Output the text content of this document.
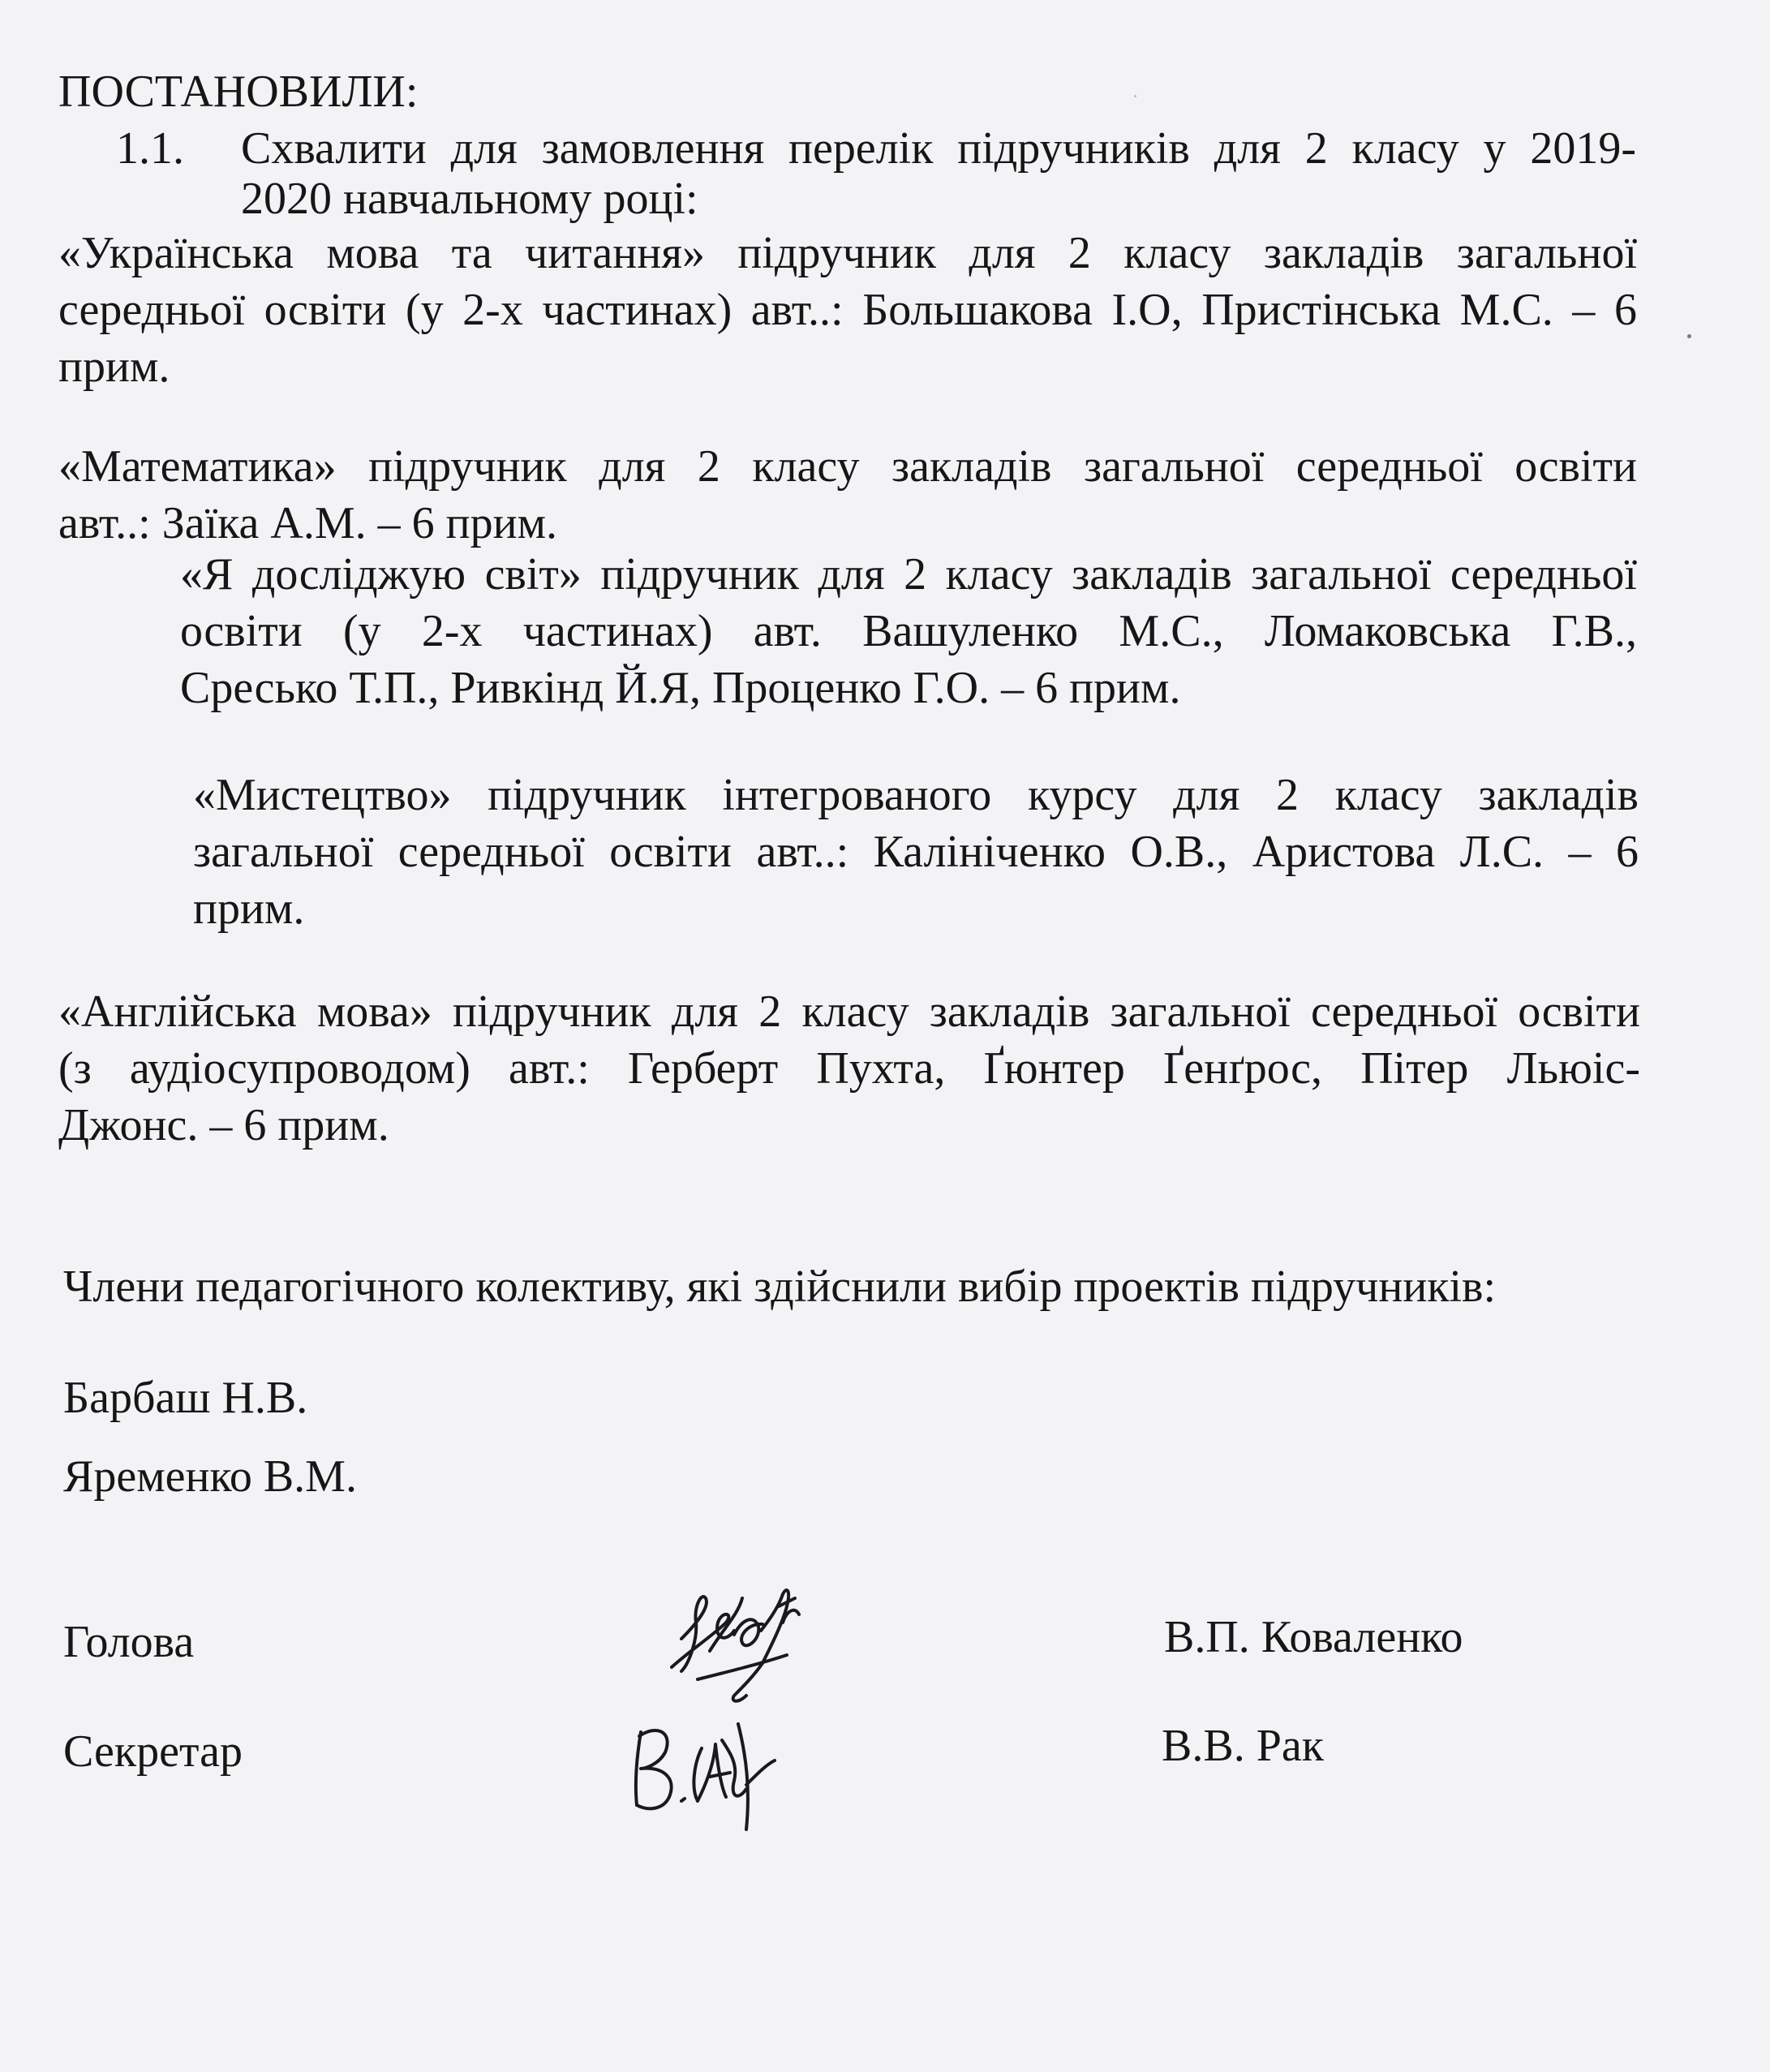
ПОСТАНОВИЛИ:
1.1. Схвалити для замовлення перелік підручників для 2 класу у 2019-
2020 навчальному році:
«Українська мова та читання» підручник для 2 класу закладів загальної
середньої освіти (у 2-х частинах) авт..: Большакова І.О, Пристінська М.С. – 6
прим.
«Математика» підручник для 2 класу закладів загальної середньої освіти
авт..: Заїка А.М. – 6 прим.
«Я досліджую світ» підручник для 2 класу закладів загальної середньої
освіти (у 2-х частинах) авт. Вашуленко М.С., Ломаковська Г.В.,
Сресько Т.П., Ривкінд Й.Я, Проценко Г.О. – 6 прим.
«Мистецтво» підручник інтегрованого курсу для 2 класу закладів
загальної середньої освіти авт..: Калініченко О.В., Аристова Л.С. – 6
прим.
«Англійська мова» підручник для 2 класу закладів загальної середньої освіти
(з аудіосупроводом) авт.: Герберт Пухта, Ґюнтер Ґенґрос, Пітер Льюіс-
Джонс. – 6 прим.
Члени педагогічного колективу, які здійснили вибір проектів підручників:
Барбаш Н.В.
Яременко В.М.
Голова	В.П. Коваленко
Секретар	В.В. Рак
